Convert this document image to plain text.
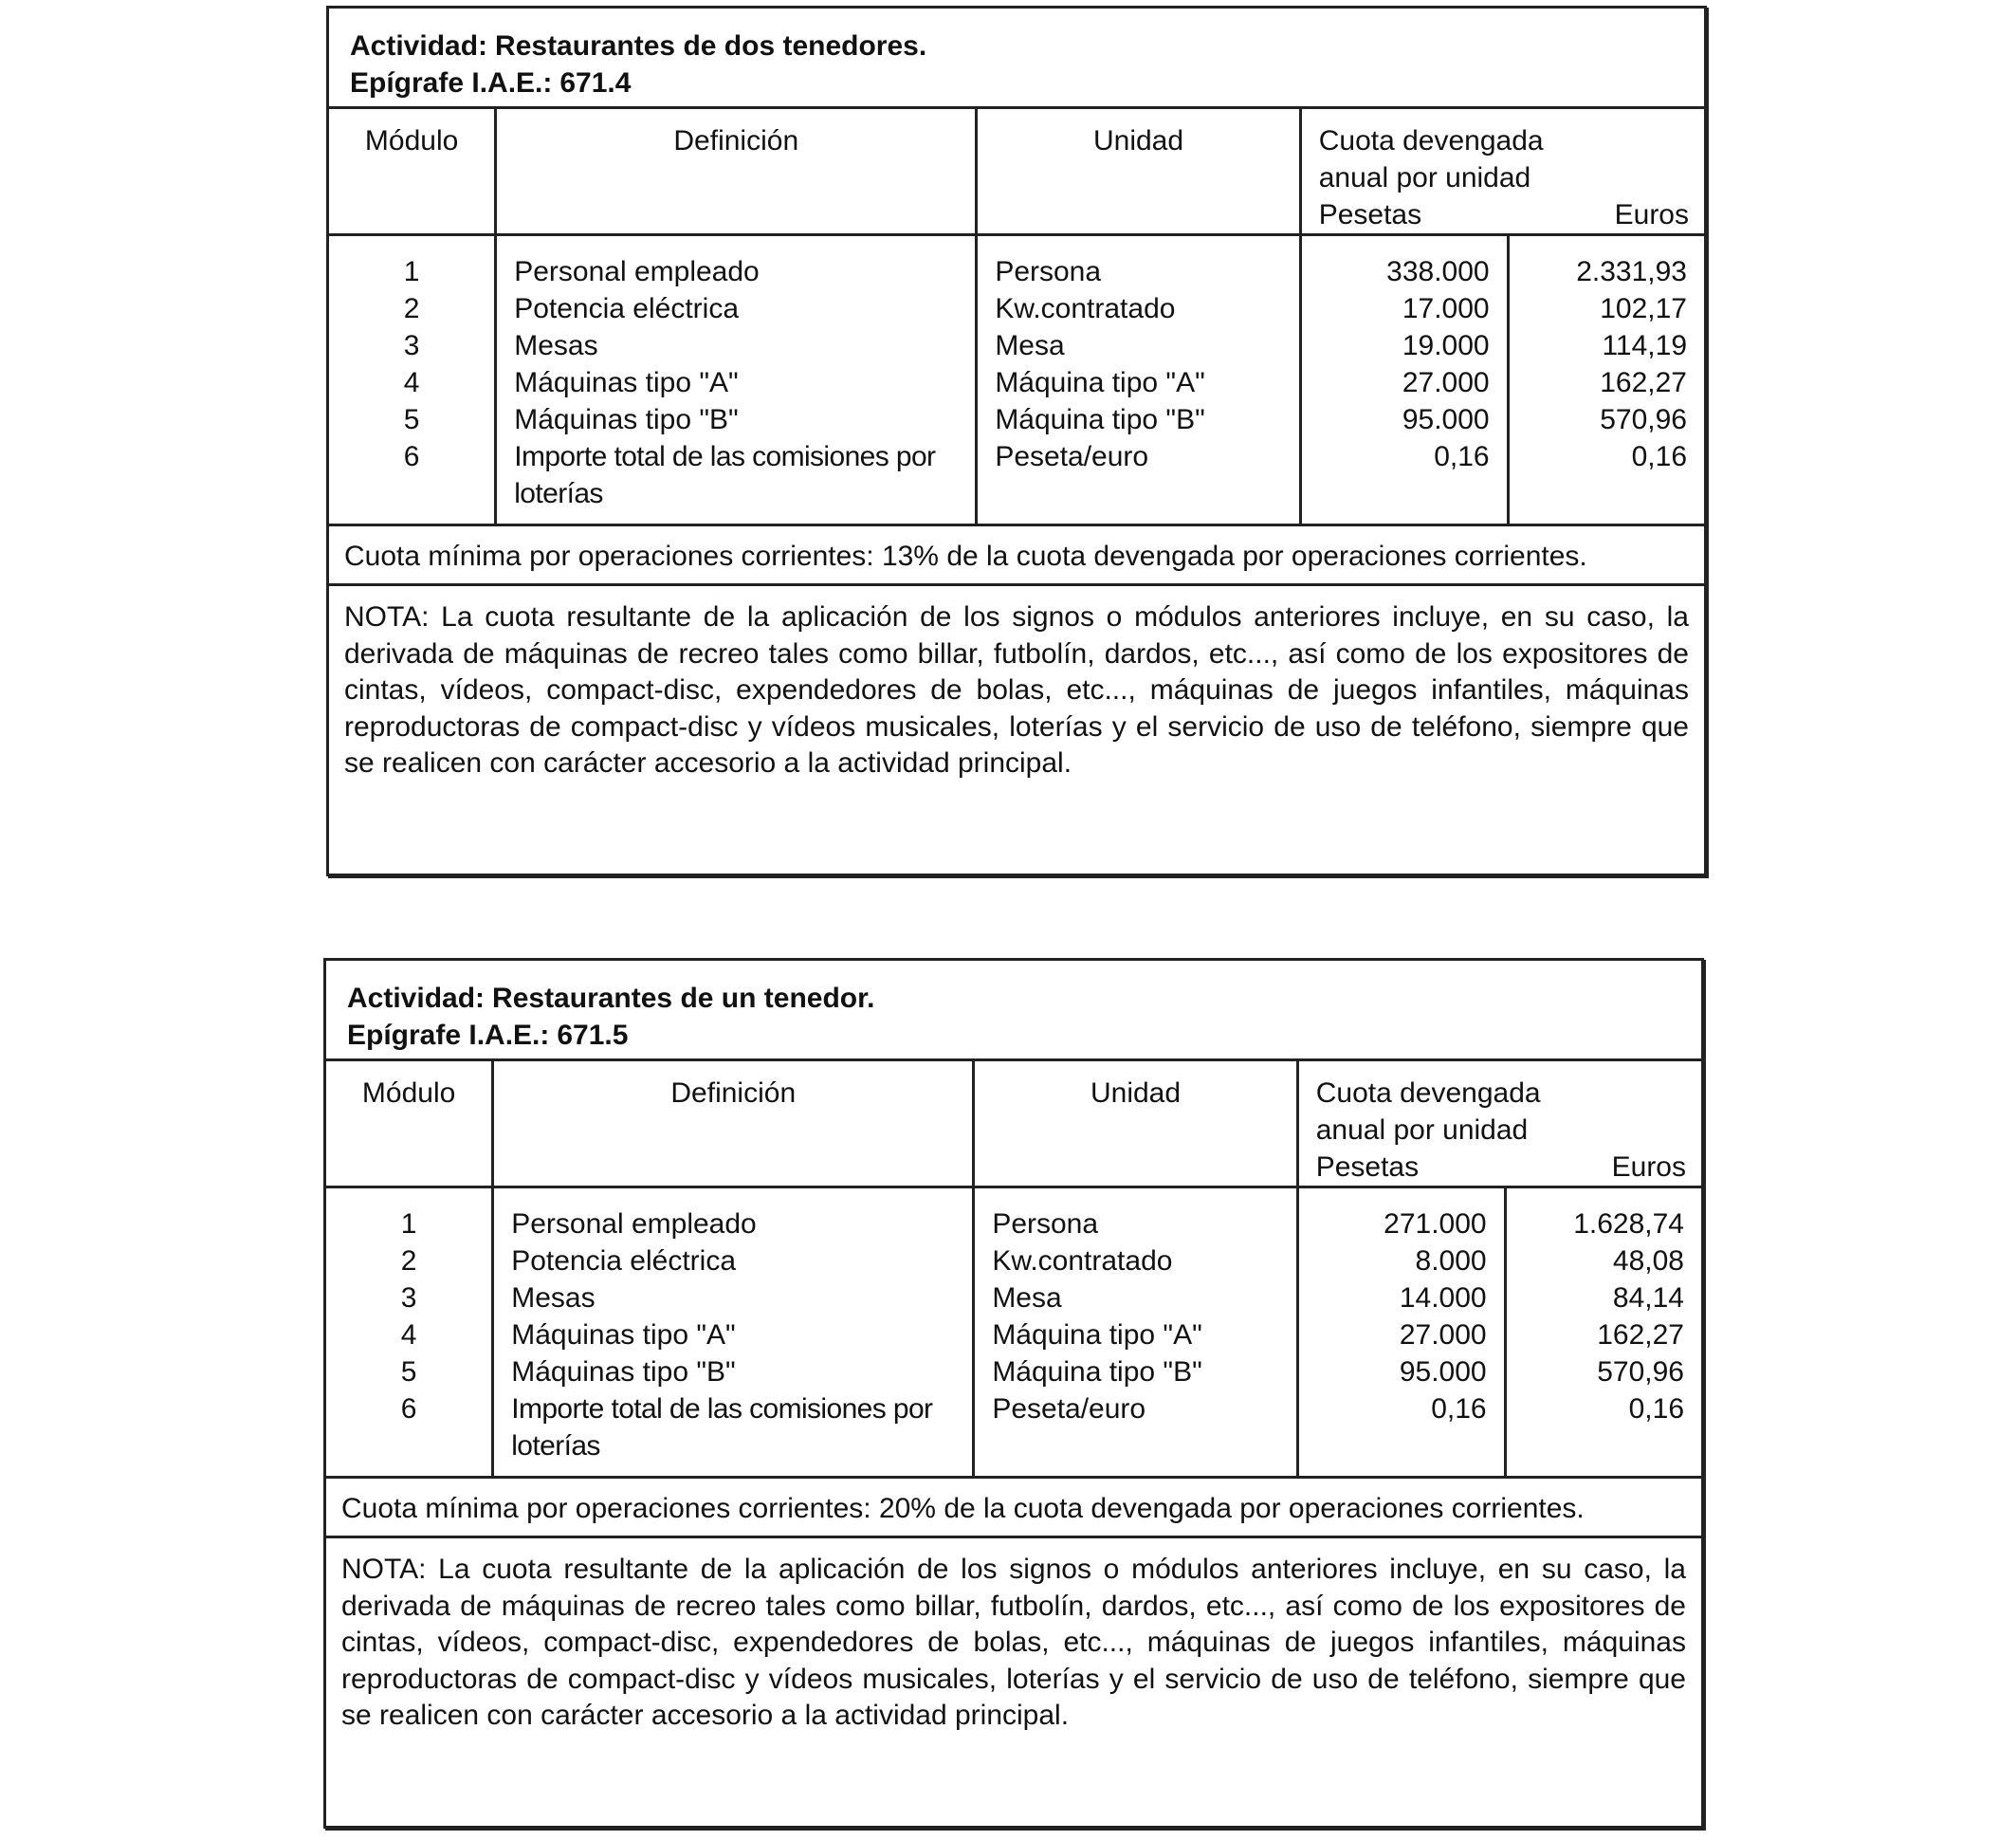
Actividad: Restaurantes de dos tenedores.
Epígrafe I.A.E.: 671.4
Módulo	Definición	Unidad	Cuota devengada
anual por unidad
Pesetas Euros	

1	Personal empleado	Persona	338.000	2.331,93
2	Potencia eléctrica	Kw.contratado	17.000	102,17
3	Mesas	Mesa	19.000	114,19
4	Máquinas tipo "A"	Máquina tipo "A"	27.000	162,27
5	Máquinas tipo "B"	Máquina tipo "B"	95.000	570,96
6	Importe total de las comisiones por loterías	Peseta/euro	0,16	0,16
Cuota mínima por operaciones corrientes: 13% de la cuota devengada por operaciones corrientes.
NOTA: La cuota resultante de la aplicación de los signos o módulos anteriores incluye, en su caso, la derivada de máquinas de recreo tales como billar, futbolín, dardos, etc..., así como de los expositores de cintas, vídeos, compact-disc, expendedores de bolas, etc..., máquinas de juegos infantiles, máquinas reproductoras de compact-disc y vídeos musicales, loterías y el servicio de uso de teléfono, siempre que se realicen con carácter accesorio a la actividad principal.
Actividad: Restaurantes de un tenedor.
Epígrafe I.A.E.: 671.5
Módulo	Definición	Unidad	Cuota devengada
anual por unidad
Pesetas Euros	

1	Personal empleado	Persona	271.000	1.628,74
2	Potencia eléctrica	Kw.contratado	8.000	48,08
3	Mesas	Mesa	14.000	84,14
4	Máquinas tipo "A"	Máquina tipo "A"	27.000	162,27
5	Máquinas tipo "B"	Máquina tipo "B"	95.000	570,96
6	Importe total de las comisiones por loterías	Peseta/euro	0,16	0,16
Cuota mínima por operaciones corrientes: 20% de la cuota devengada por operaciones corrientes.
NOTA: La cuota resultante de la aplicación de los signos o módulos anteriores incluye, en su caso, la derivada de máquinas de recreo tales como billar, futbolín, dardos, etc..., así como de los expositores de cintas, vídeos, compact-disc, expendedores de bolas, etc..., máquinas de juegos infantiles, máquinas reproductoras de compact-disc y vídeos musicales, loterías y el servicio de uso de teléfono, siempre que se realicen con carácter accesorio a la actividad principal.
